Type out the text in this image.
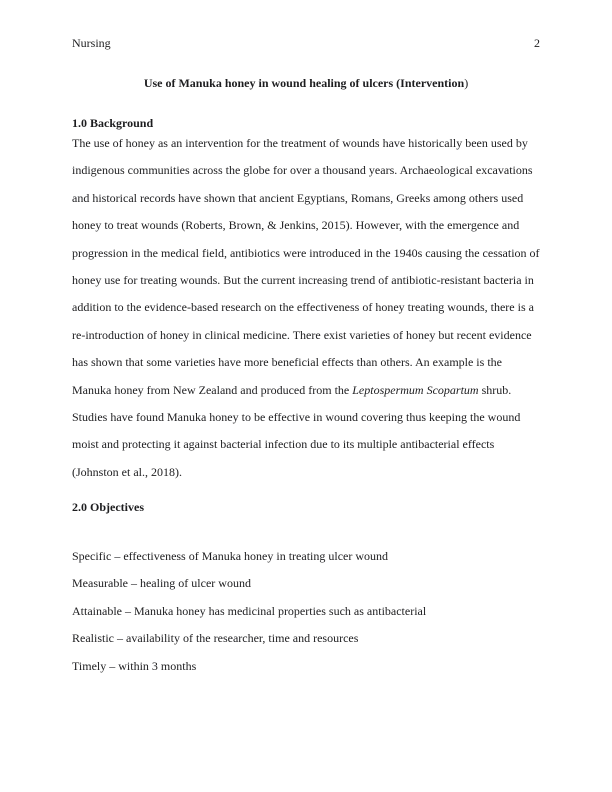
Nursing	2
Use of Manuka honey in wound healing of ulcers (Intervention)
1.0 Background

The use of honey as an intervention for the treatment of wounds have historically been used by indigenous communities across the globe for over a thousand years. Archaeological excavations and historical records have shown that ancient Egyptians, Romans, Greeks among others used honey to treat wounds (Roberts, Brown, & Jenkins, 2015). However, with the emergence and progression in the medical field, antibiotics were introduced in the 1940s causing the cessation of honey use for treating wounds. But the current increasing trend of antibiotic-resistant bacteria in addition to the evidence-based research on the effectiveness of honey treating wounds, there is a re-introduction of honey in clinical medicine. There exist varieties of honey but recent evidence has shown that some varieties have more beneficial effects than others. An example is the Manuka honey from New Zealand and produced from the Leptospermum Scopartum shrub. Studies have found Manuka honey to be effective in wound covering thus keeping the wound moist and protecting it against bacterial infection due to its multiple antibacterial effects (Johnston et al., 2018).

2.0 Objectives

Specific – effectiveness of Manuka honey in treating ulcer wound

Measurable – healing of ulcer wound

Attainable – Manuka honey has medicinal properties such as antibacterial

Realistic – availability of the researcher, time and resources

Timely – within 3 months
